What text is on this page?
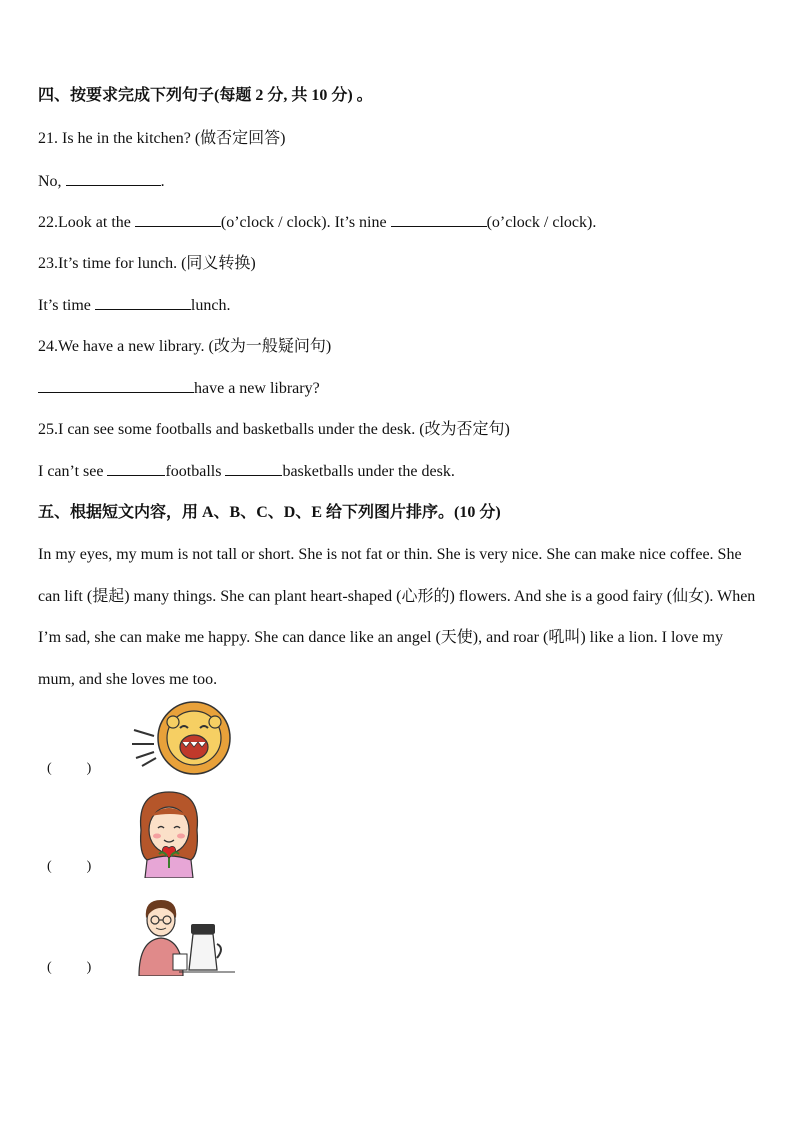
四、按要求完成下列句子(每题 2 分, 共 10 分) 。
21. Is he in the kitchen? (做否定回答)
No,	.
22.Look at the	(o’clock / clock). It’s nine	(o’clock / clock).
23.It’s time for lunch. (同义转换)
It’s time	lunch.
24.We have a new library. (改为一般疑问句)
have a new library?
25.I can see some footballs and basketballs under the desk. (改为否定句)
I can’t see	footballs	basketballs under the desk.
五、根据短文内容，用 A、B、C、D、E 给下列图片排序。(10 分)
In my eyes, my mum is not tall or short. She is not fat or thin. She is very nice. She can make nice coffee. She can lift (提起) many things. She can plant heart-shaped (心形的) flowers. And she is a good fairy (仙女). When I’m sad, she can make me happy. She can dance like an angel (天使), and roar (吼叫) like a lion. I love my mum, and she loves me too.
(          )
(          )
(          )
